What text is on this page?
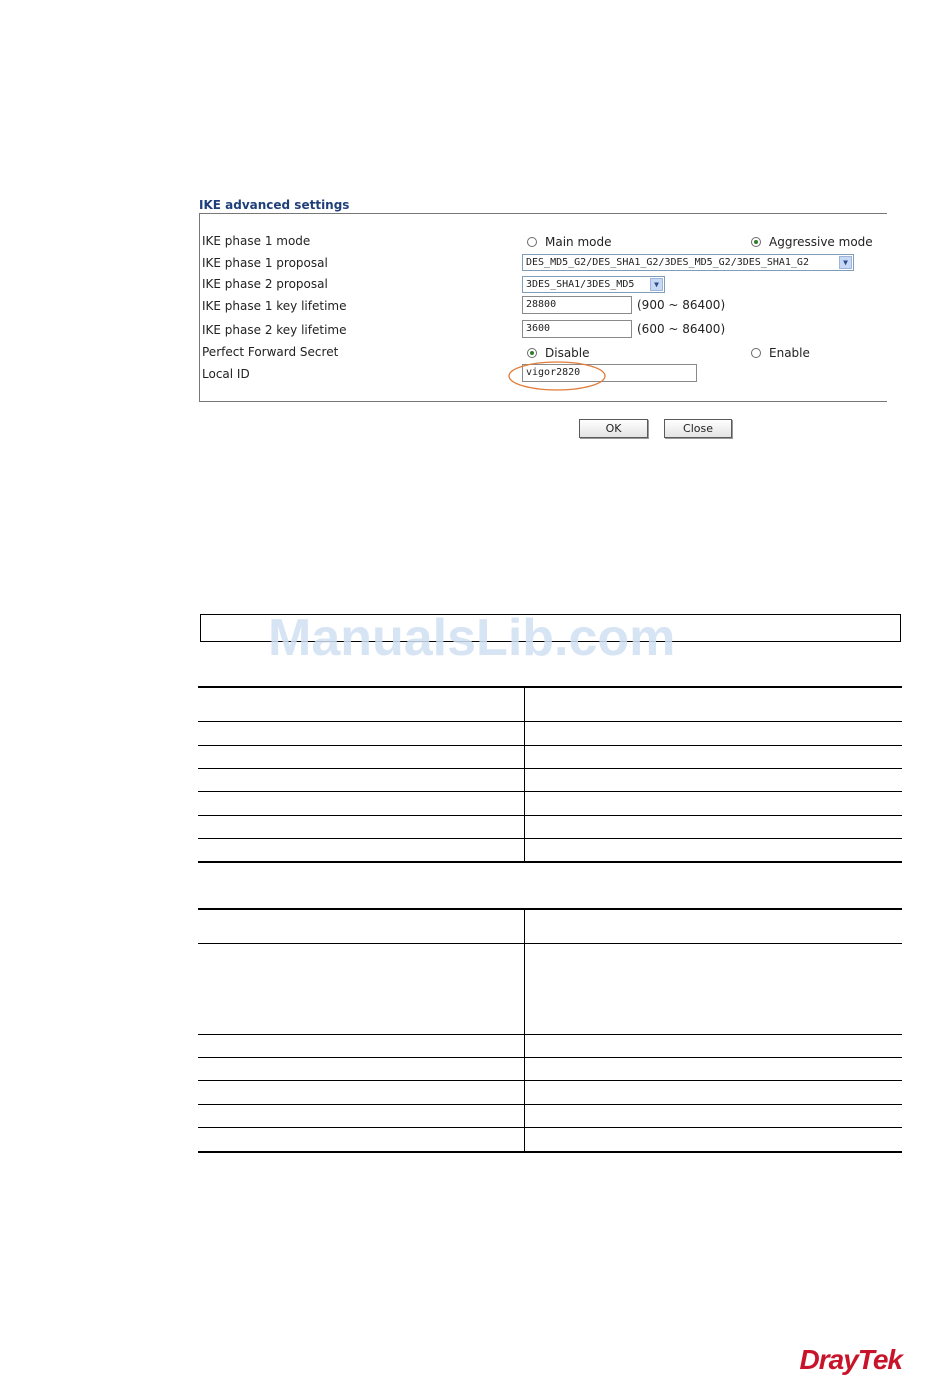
IKE advanced settings
IKE phase 1 mode	Main mode	Aggressive mode
IKE phase 1 proposal	DES_MD5_G2/DES_SHA1_G2/3DES_MD5_G2/3DES_SHA1_G2	▼
IKE phase 2 proposal	3DES_SHA1/3DES_MD5	▼
IKE phase 1 key lifetime	28800	(900 ~ 86400)
IKE phase 2 key lifetime	3600	(600 ~ 86400)
Perfect Forward Secret	Disable	Enable
Local ID	vigor2820
OK	Close
ManualsLib.com
DrayTek
